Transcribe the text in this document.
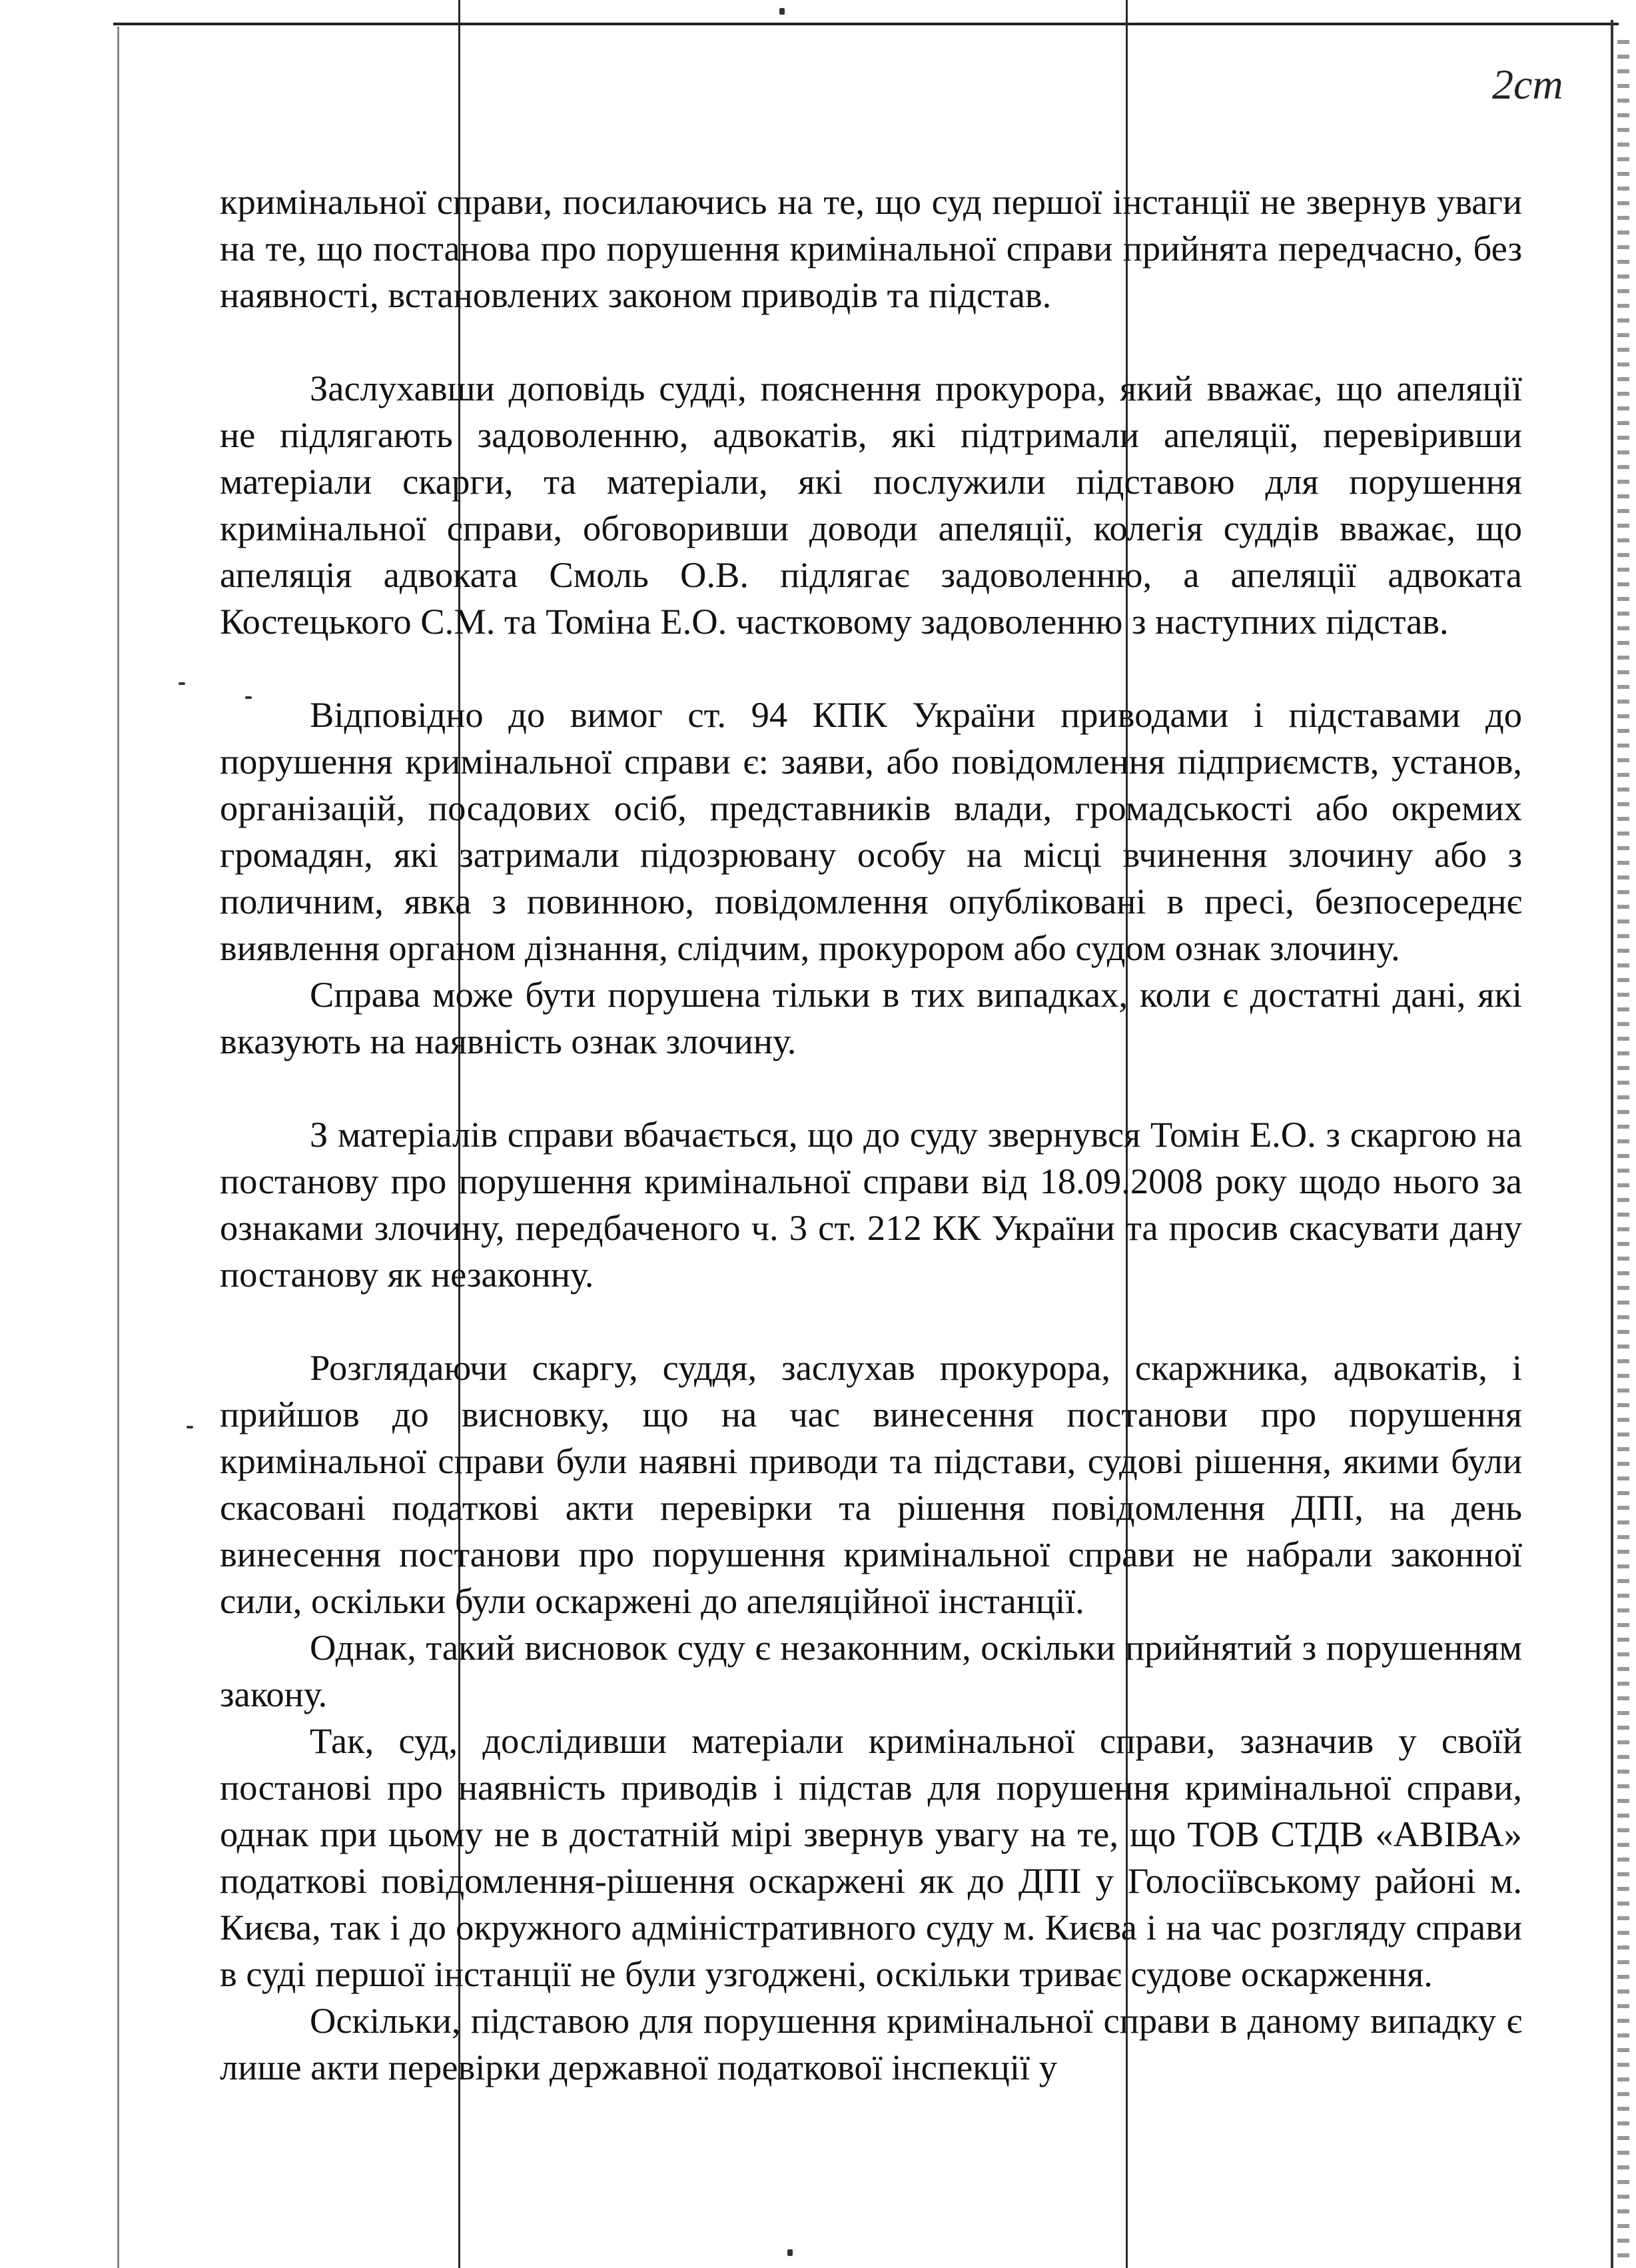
2ст

кримінальної справи, посилаючись на те, що суд першої інстанції не звернув уваги на те, що постанова про порушення кримінальної справи прийнята передчасно, без наявності, встановлених законом приводів та підстав.

Заслухавши доповідь судді, пояснення прокурора, який вважає, що апеляції не підлягають задоволенню, адвокатів, які підтримали апеляції, перевіривши матеріали скарги, та матеріали, які послужили підставою для порушення кримінальної справи, обговоривши доводи апеляції, колегія суддів вважає, що апеляція адвоката Смоль О.В. підлягає задоволенню, а апеляції адвоката Костецького С.М. та Томіна Е.О. частковому задоволенню з наступних підстав.

Відповідно до вимог ст. 94 КПК України приводами і підставами до порушення кримінальної справи є: заяви, або повідомлення підприємств, установ, організацій, посадових осіб, представників влади, громадськості або окремих громадян, які затримали підозрювану особу на місці вчинення злочину або з поличним, явка з повинною, повідомлення опубліковані в пресі, безпосереднє виявлення органом дізнання, слідчим, прокурором або судом ознак злочину.

Справа може бути порушена тільки в тих випадках, коли є достатні дані, які вказують на наявність ознак злочину.

З матеріалів справи вбачається, що до суду звернувся Томін Е.О. з скаргою на постанову про порушення кримінальної справи від 18.09.2008 року щодо нього за ознаками злочину, передбаченого ч. 3 ст. 212 КК України та просив скасувати дану постанову як незаконну.

Розглядаючи скаргу, суддя, заслухав прокурора, скаржника, адвокатів, і прийшов до висновку, що на час винесення постанови про порушення кримінальної справи були наявні приводи та підстави, судові рішення, якими були скасовані податкові акти перевірки та рішення повідомлення ДПІ, на день винесення постанови про порушення кримінальної справи не набрали законної сили, оскільки були оскаржені до апеляційної інстанції.

Однак, такий висновок суду є незаконним, оскільки прийнятий з порушенням закону.

Так, суд, дослідивши матеріали кримінальної справи, зазначив у своїй постанові про наявність приводів і підстав для порушення кримінальної справи, однак при цьому не в достатній мірі звернув увагу на те, що ТОВ СТДВ «АВІВА» податкові повідомлення-рішення оскаржені як до ДПІ у Голосіївському районі м. Києва, так і до окружного адміністративного суду м. Києва і на час розгляду справи в суді першої інстанції не були узгоджені, оскільки триває судове оскарження.

Оскільки, підставою для порушення кримінальної справи в даному випадку є лише акти перевірки державної податкової інспекції у
